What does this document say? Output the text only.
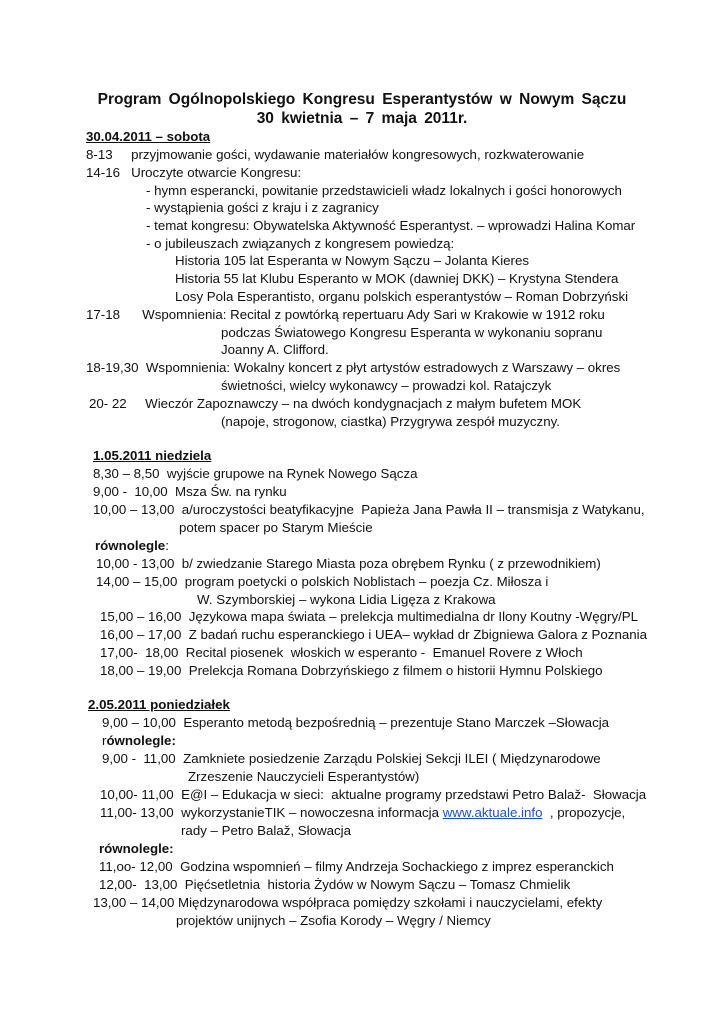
Program Ogólnopolskiego Kongresu Esperantystów w Nowym Sączu
30 kwietnia – 7 maja 2011r.
30.04.2011 – sobota
8-13     przyjmowanie gości, wydawanie materiałów kongresowych, rozkwaterowanie
14-16   Uroczyte otwarcie Kongresu:
- hymn esperancki, powitanie przedstawicieli władz lokalnych i gości honorowych
- wystąpienia gości z kraju i z zagranicy
- temat kongresu: Obywatelska Aktywność Esperantyst. – wprowadzi Halina Komar
- o jubileuszach związanych z kongresem powiedzą:
Historia 105 lat Esperanta w Nowym Sączu – Jolanta Kieres
Historia 55 lat Klubu Esperanto w MOK (dawniej DKK) – Krystyna Stendera
Losy Pola Esperantisto, organu polskich esperantystów – Roman Dobrzyński
17-18      Wspomnienia: Recital z powtórką repertuaru Ady Sari w Krakowie w 1912 roku
podczas Światowego Kongresu Esperanta w wykonaniu sopranu
Joanny A. Clifford.
18-19,30  Wspomnienia: Wokalny koncert z płyt artystów estradowych z Warszawy – okres
świetności, wielcy wykonawcy – prowadzi kol. Ratajczyk
20- 22     Wieczór Zapoznawczy – na dwóch kondygnacjach z małym bufetem MOK
(napoje, strogonow, ciastka) Przygrywa zespół muzyczny.
1.05.2011 niedziela
8,30 – 8,50  wyjście grupowe na Rynek Nowego Sącza
9,00 -  10,00  Msza Św. na rynku
10,00 – 13,00  a/uroczystości beatyfikacyjne  Papieża Jana Pawła II – transmisja z Watykanu,
potem spacer po Starym Mieście
równolegle:
10,00 - 13,00  b/ zwiedzanie Starego Miasta poza obrębem Rynku ( z przewodnikiem)
14,00 – 15,00  program poetycki o polskich Noblistach – poezja Cz. Miłosza i
W. Szymborskiej – wykona Lidia Ligęza z Krakowa
15,00 – 16,00  Językowa mapa świata – prelekcja multimedialna dr Ilony Koutny -Węgry/PL
16,00 – 17,00  Z badań ruchu esperanckiego i UEA– wykład dr Zbigniewa Galora z Poznania
17,00-  18,00  Recital piosenek  włoskich w esperanto -  Emanuel Rovere z Włoch
18,00 – 19,00  Prelekcja Romana Dobrzyńskiego z filmem o historii Hymnu Polskiego
2.05.2011 poniedziałek
9,00 – 10,00  Esperanto metodą bezpośrednią – prezentuje Stano Marczek –Słowacja
równolegle:
9,00 -  11,00  Zamkniete posiedzenie Zarządu Polskiej Sekcji ILEI ( Międzynarodowe
Zrzeszenie Nauczycieli Esperantystów)
10,00- 11,00  E@I – Edukacja w sieci:  aktualne programy przedstawi Petro Balaž-  Słowacja
11,00- 13,00  wykorzystanieTIK – nowoczesna informacja www.aktuale.info  , propozycje,
rady – Petro Balaž, Słowacja
równolegle:
11,oo- 12,00  Godzina wspomnień – filmy Andrzeja Sochackiego z imprez esperanckich
12,00-  13,00  Pięćsetletnia  historia Żydów w Nowym Sączu – Tomasz Chmielik
13,00 – 14,00 Międzynarodowa współpraca pomiędzy szkołami i nauczycielami, efekty
projektów unijnych – Zsofia Korody – Węgry / Niemcy
